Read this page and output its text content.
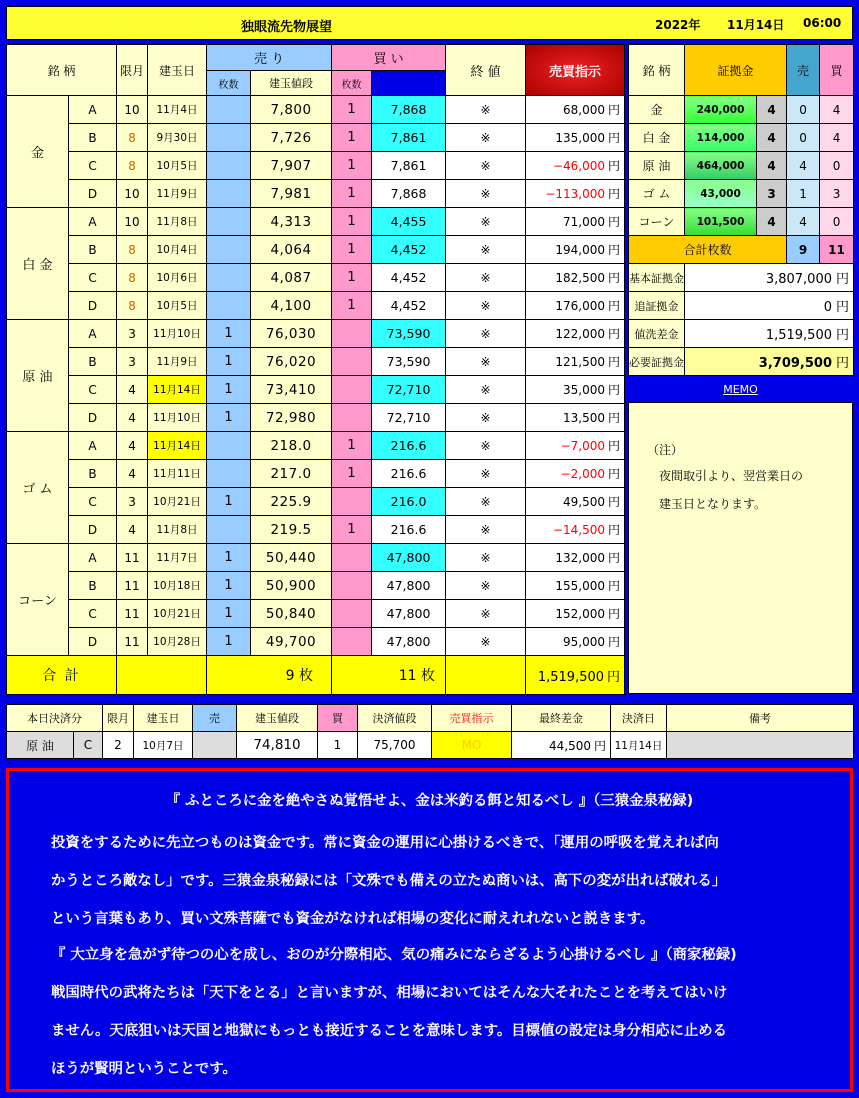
独眼流先物展望	2022年 11月14日 06:00
銘 柄		限月	建玉日	売 り		買 い		終 値	売買指示	
				枚数	建玉値段	枚数				
金	A	10	11月4日		7,800	1	7,868	※	68,000 円	
	B	8	9月30日		7,726	1	7,861	※	135,000 円	
	C	8	10月5日		7,907	1	7,861	※	−46,000 円	
	D	10	11月9日		7,981	1	7,868	※	−113,000 円	
白 金	A	10	11月8日		4,313	1	4,455	※	71,000 円	
	B	8	10月4日		4,064	1	4,452	※	194,000 円	
	C	8	10月6日		4,087	1	4,452	※	182,500 円	
	D	8	10月5日		4,100	1	4,452	※	176,000 円	
原 油	A	3	11月10日	1	76,030		73,590	※	122,000 円	
	B	3	11月9日	1	76,020		73,590	※	121,500 円	
	C	4	11月14日	1	73,410		72,710	※	35,000 円	
	D	4	11月10日	1	72,980		72,710	※	13,500 円	
ゴ ム	A	4	11月14日		218.0	1	216.6	※	−7,000 円	
	B	4	11月11日		217.0	1	216.6	※	−2,000 円	
	C	3	10月21日	1	225.9		216.0	※	49,500 円	
	D	4	11月8日		219.5	1	216.6	※	−14,500 円	
コーン	A	11	11月7日	1	50,440		47,800	※	132,000 円	
	B	11	10月18日	1	50,900		47,800	※	155,000 円	
	C	11	10月21日	1	50,840		47,800	※	152,000 円	
	D	11	10月28日	1	49,700		47,800	※	95,000 円	
合 計				9 枚		11 枚			1,519,500 円	
銘 柄	証拠金		売	買
金	240,000	4	0	4
白 金	114,000	4	0	4
原 油	464,000	4	4	0
ゴ ム	43,000	3	1	3
コーン	101,500	4	4	0
合計枚数			9	11
基本証拠金	3,807,000 円			
追証拠金	0 円			
値洗差金	1,519,500 円			
必要証拠金	3,709,500 円			
MEMO
（注）
夜間取引より、翌営業日の
建玉日となります。
本日決済分		限月	建玉日	売	建玉値段	買	決済値段	売買指示	最終差金	決済日	備考
原 油	C	2	10月7日		74,810	1	75,700	MO	44,500 円	11月14日	
『 ふところに金を絶やさぬ覚悟せよ、金は米釣る餌と知るべし 』（三猿金泉秘録)
投資をするために先立つものは資金です。常に資金の運用に心掛けるべきで、「運用の呼吸を覚えれば向
かうところ敵なし」です。三猿金泉秘録には「文殊でも備えの立たぬ商いは、高下の変が出れば破れる」
という言葉もあり、買い文殊菩薩でも資金がなければ相場の変化に耐えれれないと説きます。
『 大立身を急がず待つの心を成し、おのが分際相応、気の痛みにならざるよう心掛けるべし 』（商家秘録)
戦国時代の武将たちは「天下をとる」と言いますが、相場においてはそんな大それたことを考えてはいけ
ません。天底狙いは天国と地獄にもっとも接近することを意味します。目標値の設定は身分相応に止める
ほうが賢明ということです。
